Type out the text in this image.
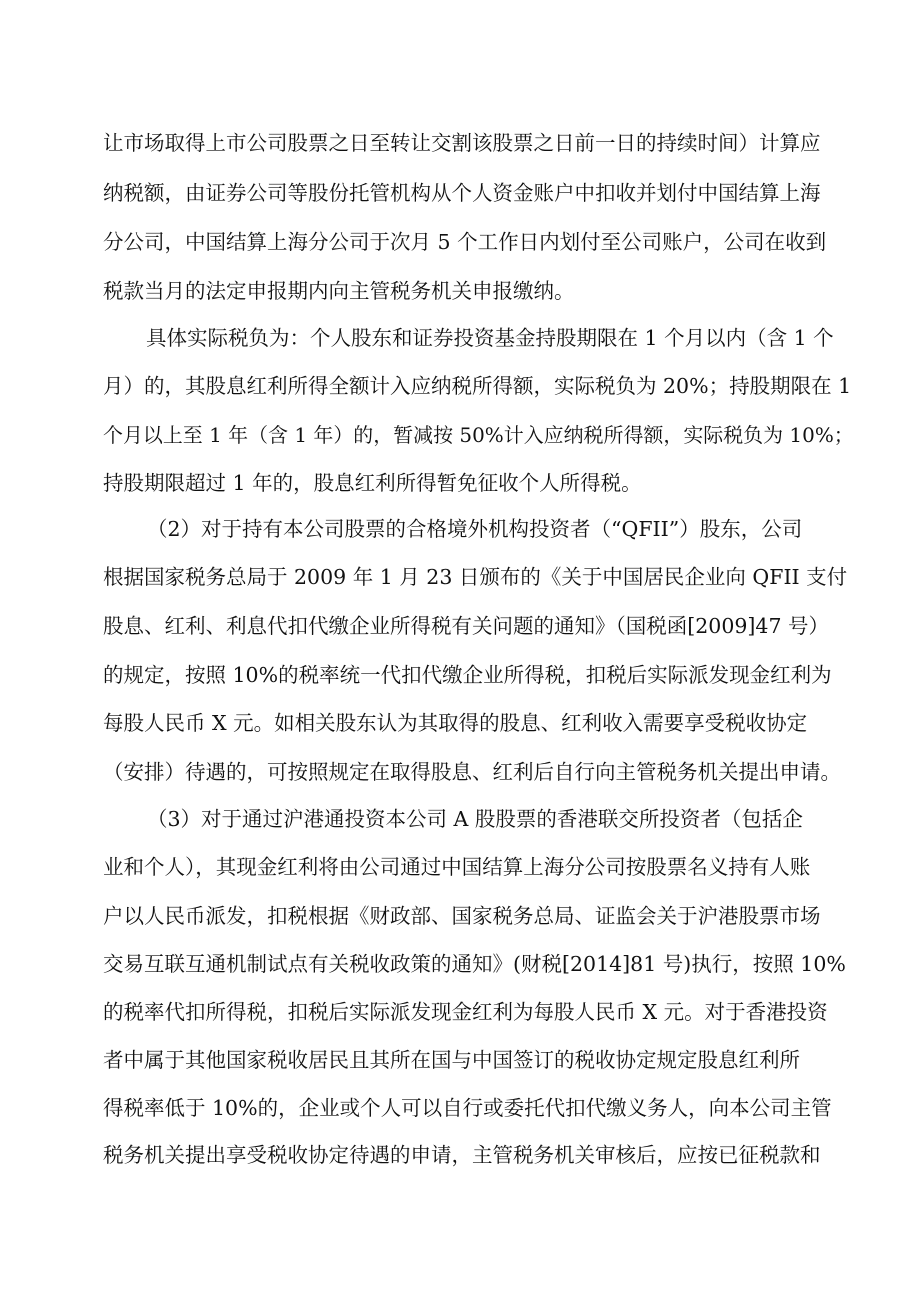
让市场取得上市公司股票之日至转让交割该股票之日前一日的持续时间）计算应
纳税额，由证券公司等股份托管机构从个人资金账户中扣收并划付中国结算上海
分公司，中国结算上海分公司于次月 5 个工作日内划付至公司账户，公司在收到
税款当月的法定申报期内向主管税务机关申报缴纳。
具体实际税负为：个人股东和证券投资基金持股期限在 1 个月以内（含 1 个
月）的，其股息红利所得全额计入应纳税所得额，实际税负为 20%；持股期限在 1
个月以上至 1 年（含 1 年）的，暂减按 50%计入应纳税所得额，实际税负为 10%；
持股期限超过 1 年的，股息红利所得暂免征收个人所得税。
（2）对于持有本公司股票的合格境外机构投资者（“QFII”）股东，公司
根据国家税务总局于 2009 年 1 月 23 日颁布的《关于中国居民企业向 QFII 支付
股息、红利、利息代扣代缴企业所得税有关问题的通知》（国税函[2009]47 号）
的规定，按照 10%的税率统一代扣代缴企业所得税，扣税后实际派发现金红利为
每股人民币 X 元。如相关股东认为其取得的股息、红利收入需要享受税收协定
（安排）待遇的，可按照规定在取得股息、红利后自行向主管税务机关提出申请。
（3）对于通过沪港通投资本公司 A 股股票的香港联交所投资者（包括企
业和个人），其现金红利将由公司通过中国结算上海分公司按股票名义持有人账
户以人民币派发，扣税根据《财政部、国家税务总局、证监会关于沪港股票市场
交易互联互通机制试点有关税收政策的通知》(财税[2014]81 号)执行，按照 10%
的税率代扣所得税，扣税后实际派发现金红利为每股人民币 X 元。对于香港投资
者中属于其他国家税收居民且其所在国与中国签订的税收协定规定股息红利所
得税率低于 10%的，企业或个人可以自行或委托代扣代缴义务人，向本公司主管
税务机关提出享受税收协定待遇的申请，主管税务机关审核后，应按已征税款和
